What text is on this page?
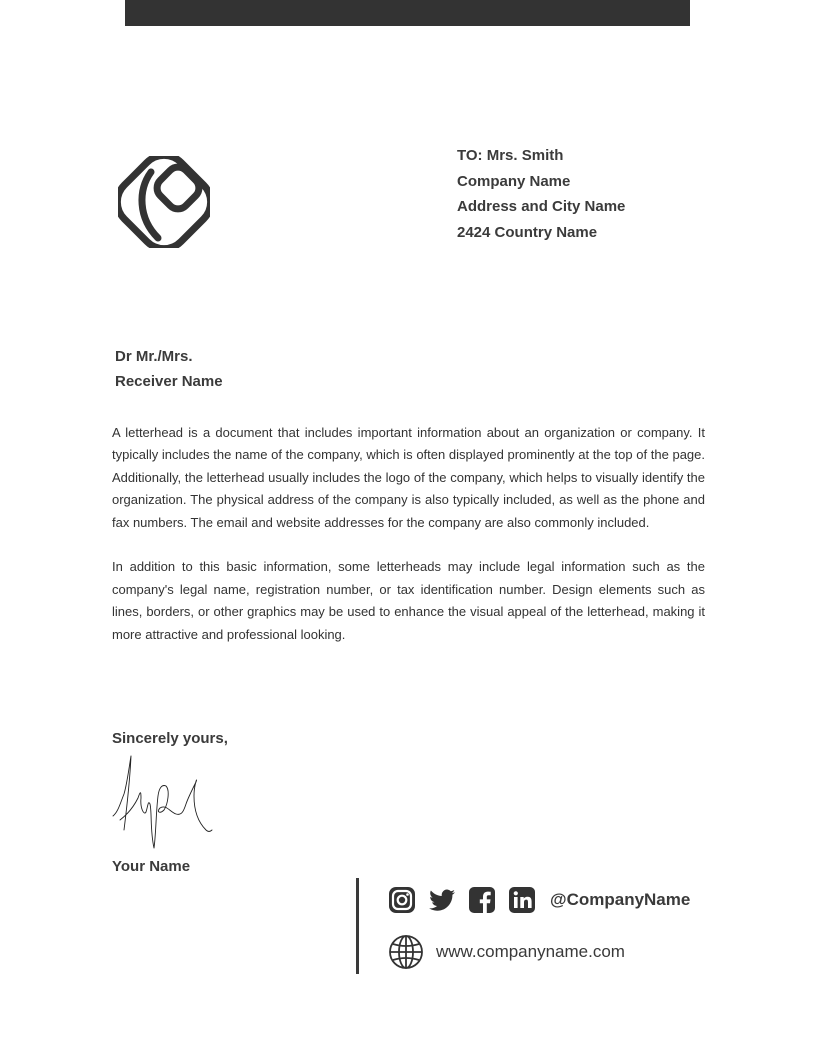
TO: Mrs. Smith
Company Name
Address and City Name
2424 Country Name
Dr Mr./Mrs.
Receiver Name

A letterhead is a document that includes important information about an organization or company. It typically includes the name of the company, which is often displayed prominently at the top of the page. Additionally, the letterhead usually includes the logo of the company, which helps to visually identify the organization. The physical address of the company is also typically included, as well as the phone and fax numbers. The email and website addresses for the company are also commonly included.

In addition to this basic information, some letterheads may include legal information such as the company's legal name, registration number, or tax identification number. Design elements such as lines, borders, or other graphics may be used to enhance the visual appeal of the letterhead, making it more attractive and professional looking.

Sincerely yours,
Your Name
@CompanyName
www.companyname.com
